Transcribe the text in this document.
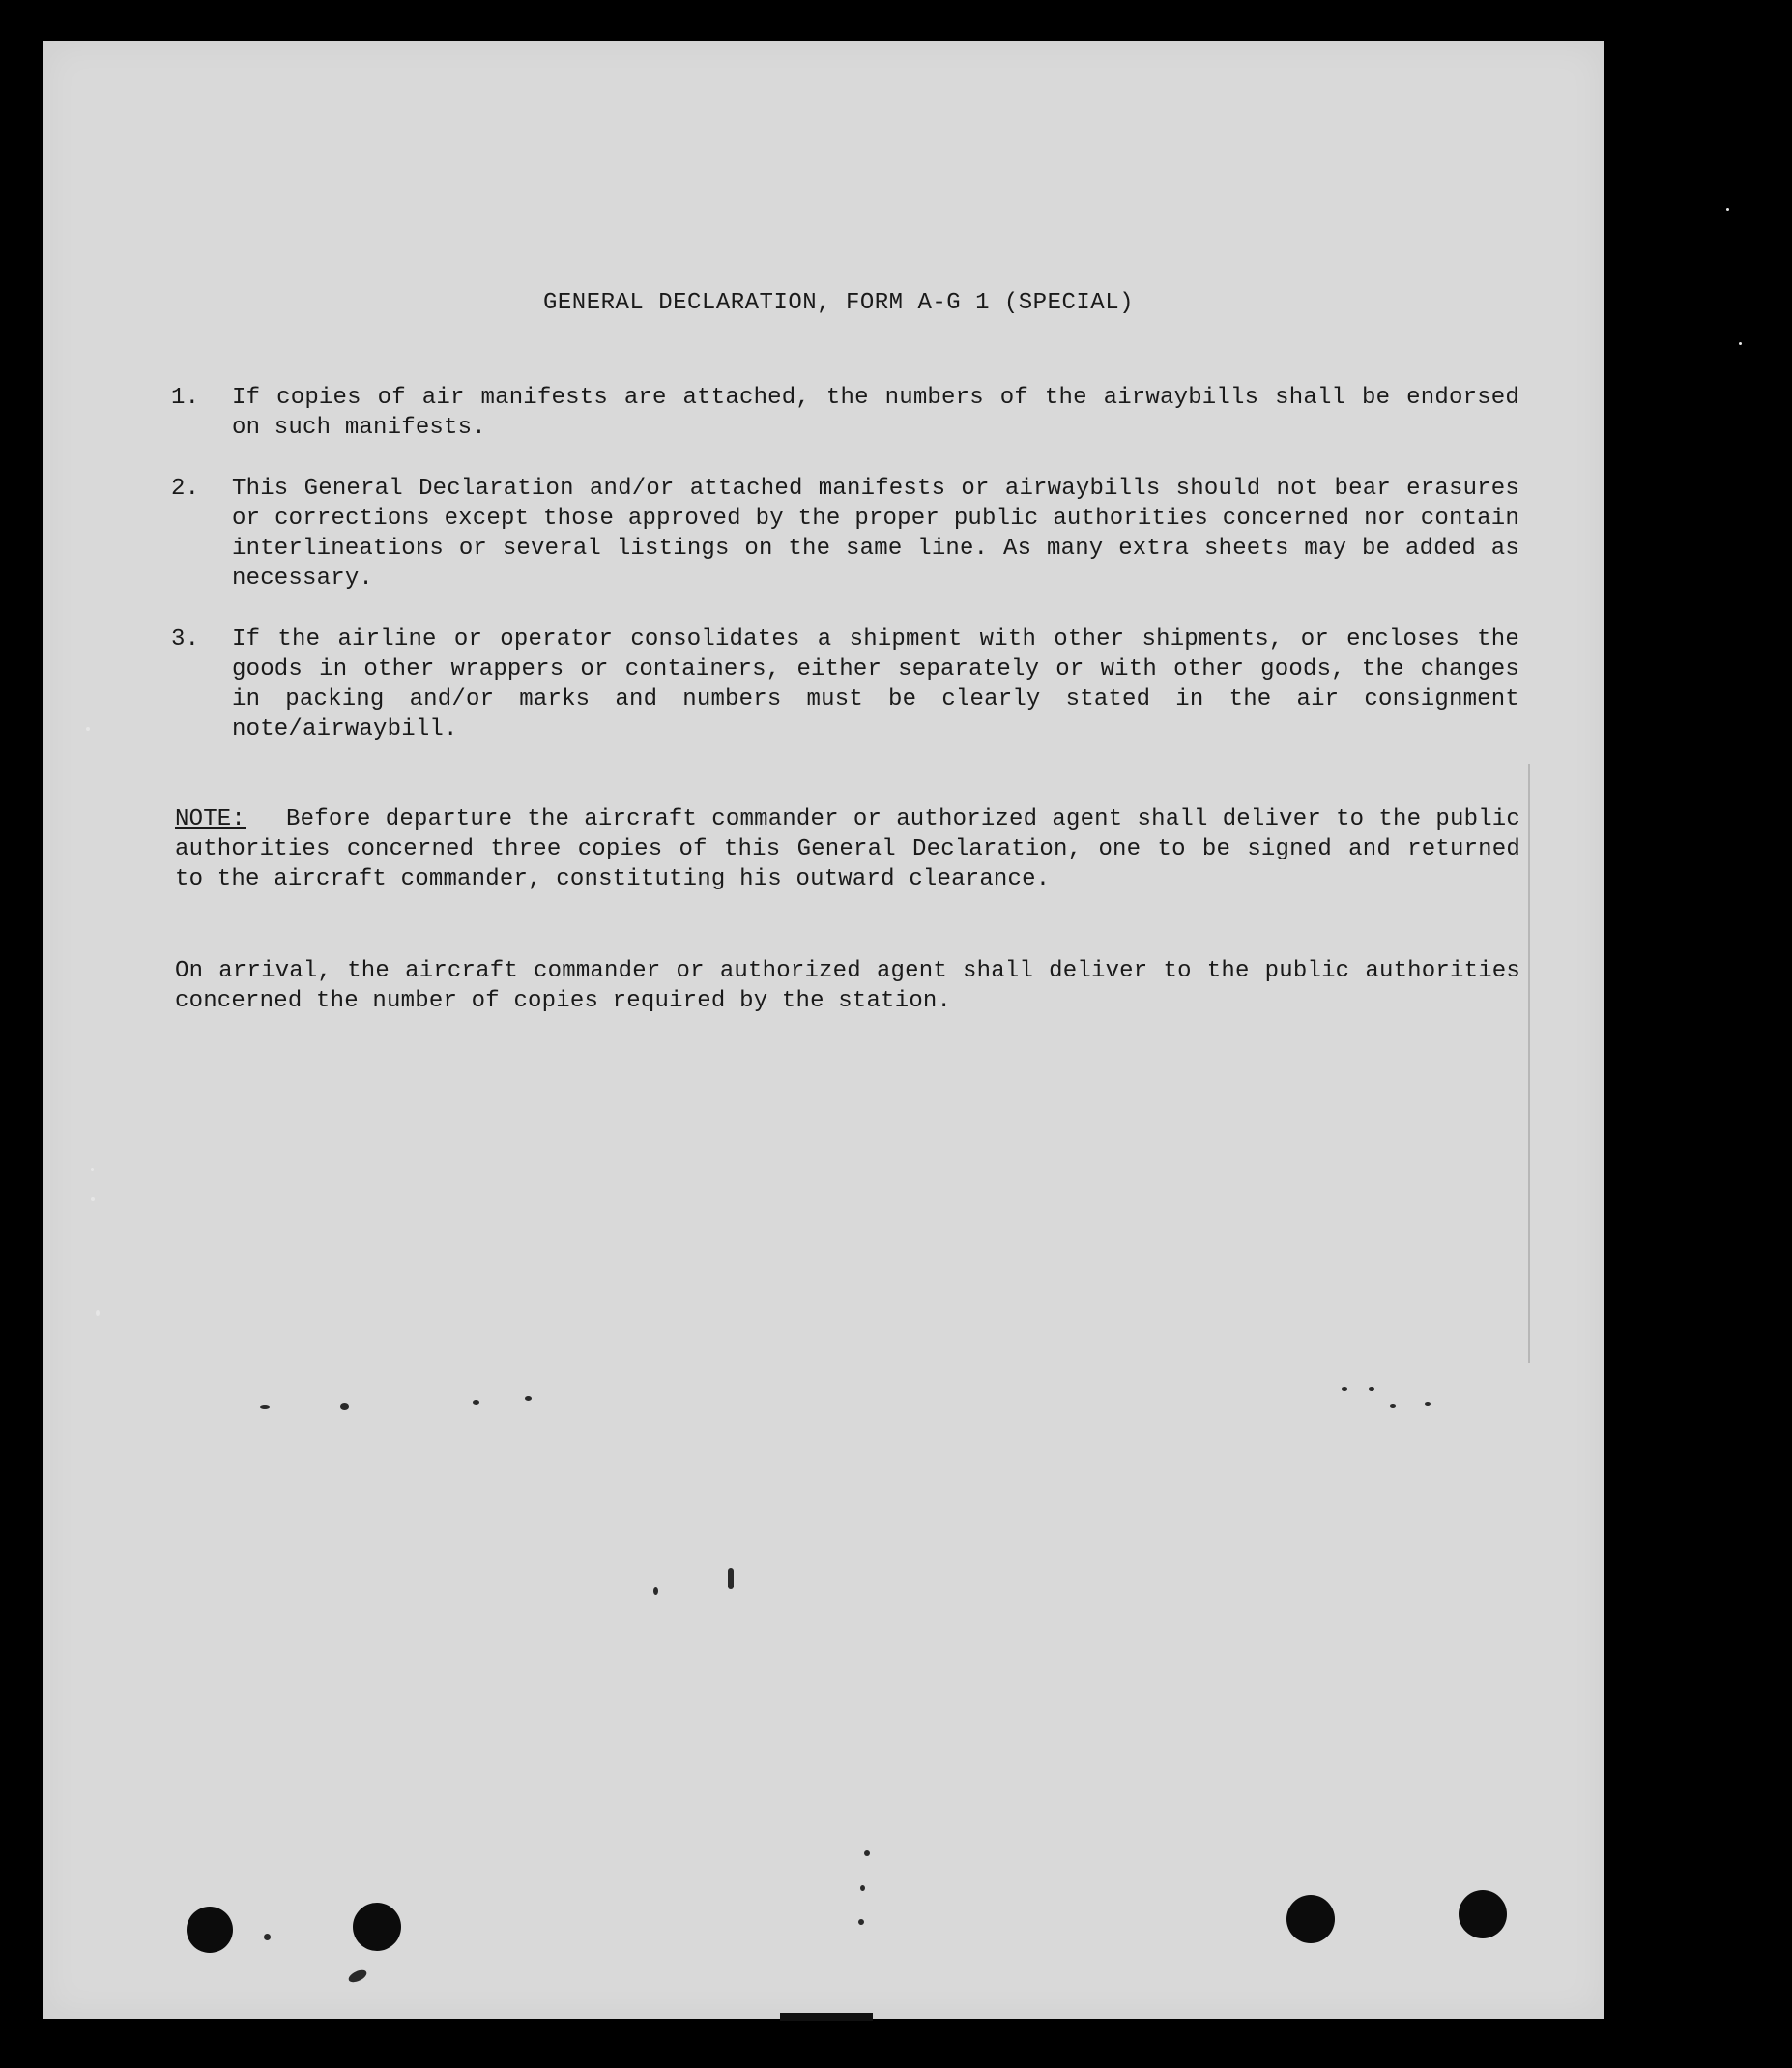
​
GENERAL DECLARATION, FORM A-G 1 (SPECIAL)
1.	If copies of air manifests are attached, the numbers of the airwaybills shall be endorsed on such manifests.
2.	This General Declaration and/or attached manifests or airwaybills should not bear erasures or corrections except those approved by the proper public authorities concerned nor contain interlineations or several listings on the same line. As many extra sheets may be added as necessary.
3.	If the airline or operator consolidates a shipment with other shipments, or encloses the goods in other wrappers or containers, either separately or with other goods, the changes in packing and/or marks and numbers must be clearly stated in the air consignment note/airwaybill.
NOTE: Before departure the aircraft commander or authorized agent shall deliver to the public authorities concerned three copies of this General Declaration, one to be signed and returned to the aircraft commander, constituting his outward clearance.
On arrival, the aircraft commander or authorized agent shall deliver to the public authorities concerned the number of copies required by the station.
